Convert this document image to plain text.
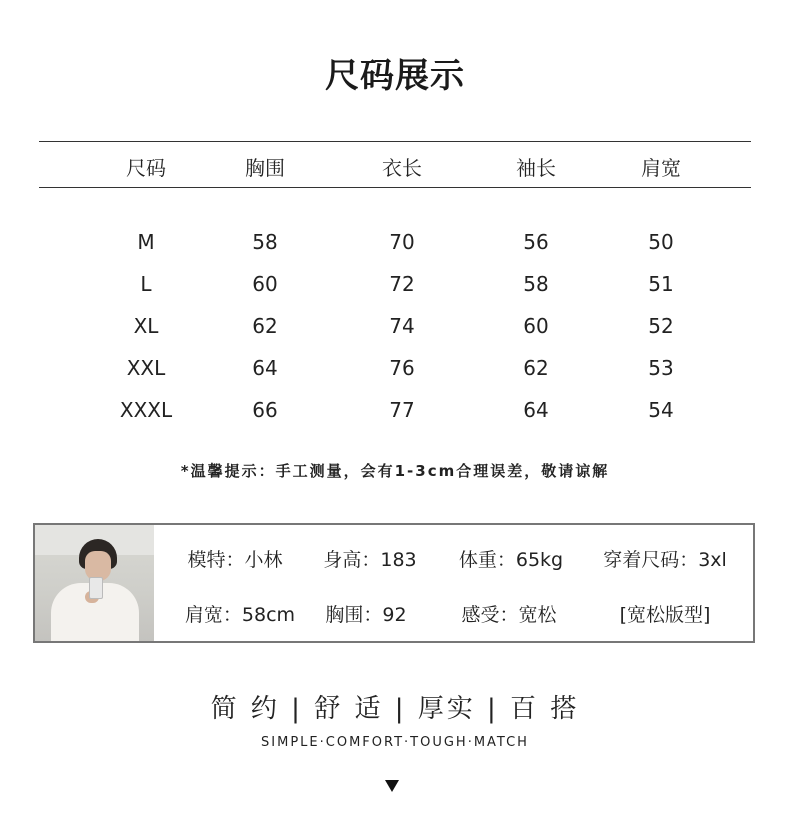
尺码展示
尺码	胸围	衣长	袖长	肩宽
M	58	70	56	50
L	60	72	58	51
XL	62	74	60	52
XXL	64	76	62	53
XXXL	66	77	64	54
*温馨提示：手工测量，会有1-3cm合理误差，敬请谅解
模特：小林 身高：183 体重：65kg 穿着尺码：3xl
肩宽：58cm 胸围：92	感受：宽松	[宽松版型]
简 约 | 舒 适 | 厚实 | 百 搭
SIMPLE·COMFORT·TOUGH·MATCH
